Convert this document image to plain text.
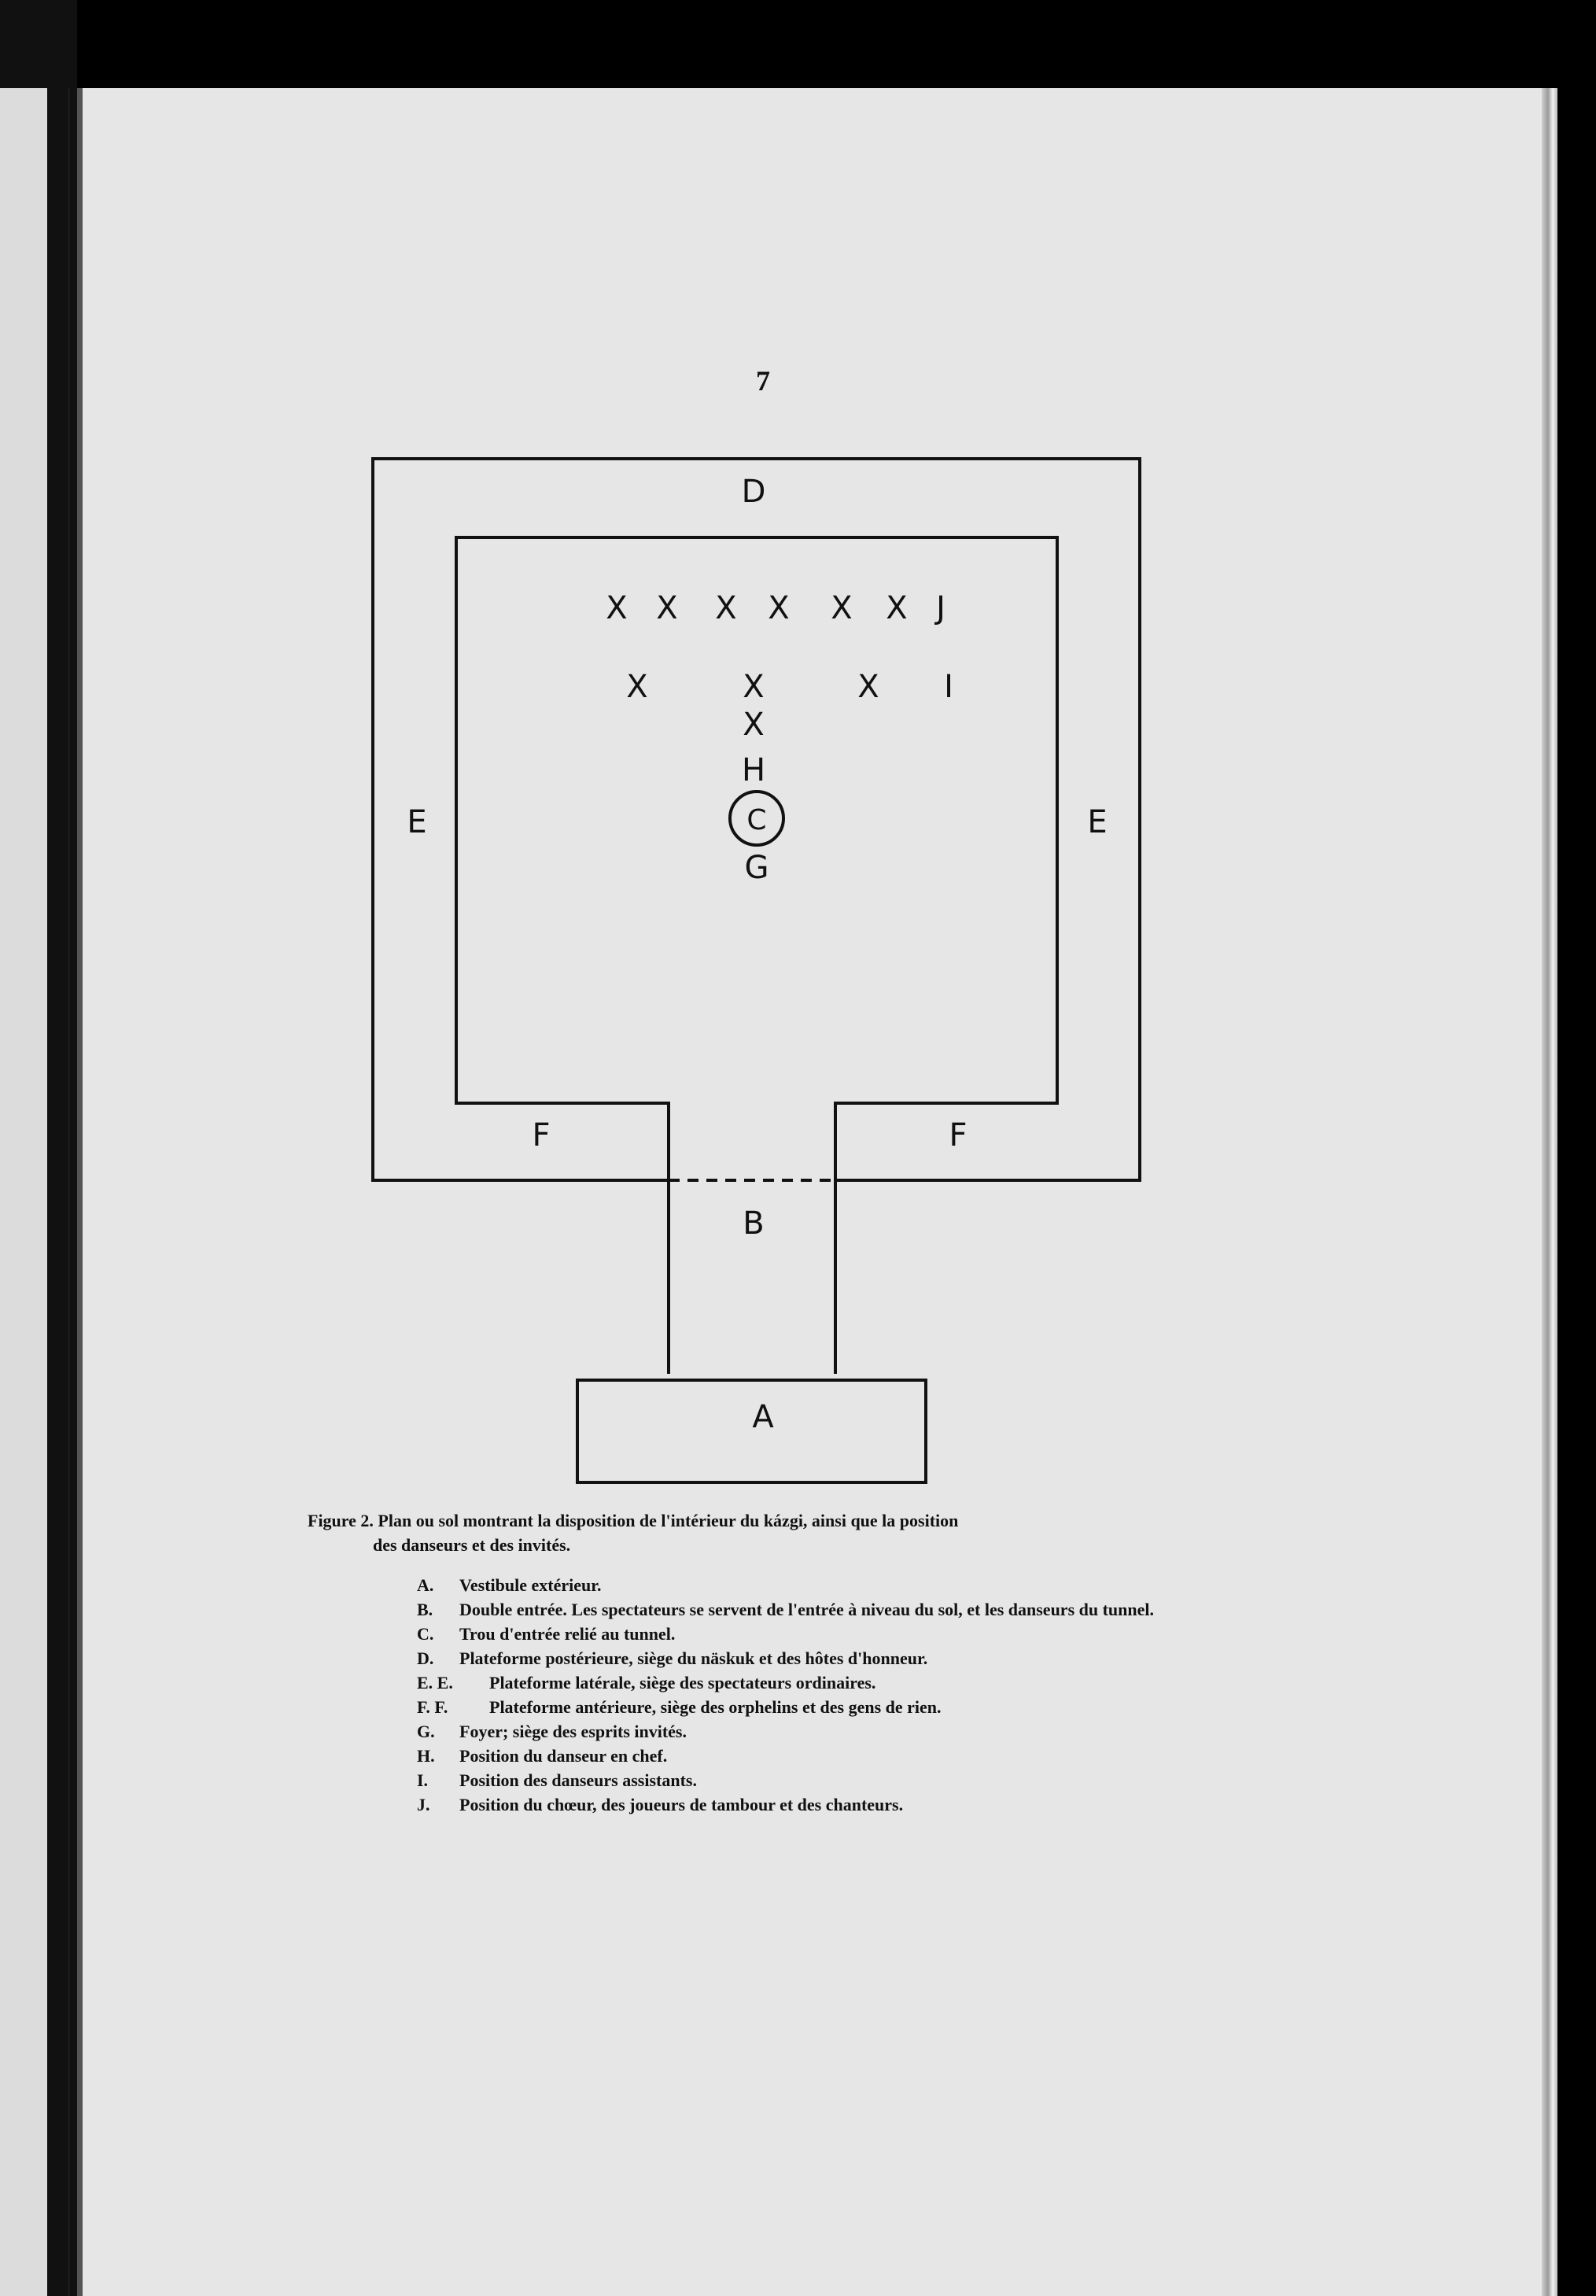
7
D
E	E
F	F
B
A
X X X X X X J
X	X	X I
X
H
C
G
Figure 2. Plan ou sol montrant la disposition de l'intérieur du kázgi, ainsi que la position
des danseurs et des invités.
A. Vestibule extérieur.
B. Double entrée. Les spectateurs se servent de l'entrée à niveau du sol, et les danseurs du tunnel.
C. Trou d'entrée relié au tunnel.
D. Plateforme postérieure, siège du näskuk et des hôtes d'honneur.
E. E. Plateforme latérale, siège des spectateurs ordinaires.
F. F. Plateforme antérieure, siège des orphelins et des gens de rien.
G. Foyer; siège des esprits invités.
H. Position du danseur en chef.
I. Position des danseurs assistants.
J. Position du chœur, des joueurs de tambour et des chanteurs.
